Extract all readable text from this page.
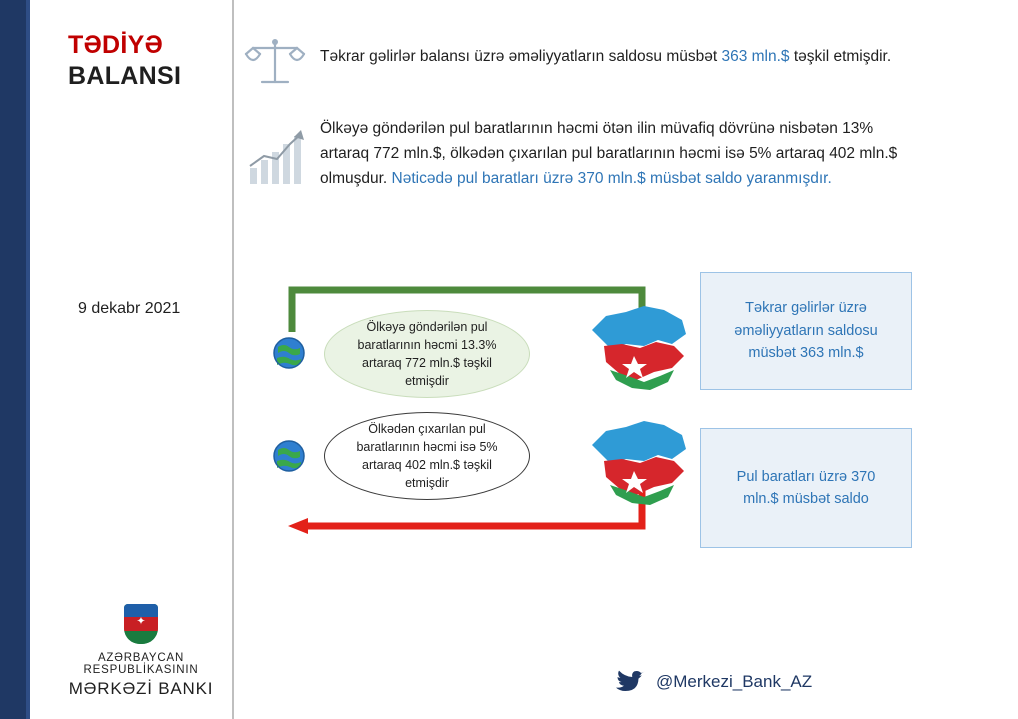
TƏDİYƏ
BALANSI
9 dekabr 2021
✦
AZƏRBAYCAN RESPUBLİKASININ
MƏRKƏZİ BANKI
Təkrar gəlirlər balansı üzrə əməliyyatların saldosu müsbət 363 mln.$ təşkil etmişdir.
Ölkəyə göndərilən pul baratlarının həcmi ötən ilin müvafiq dövrünə nisbətən 13% artaraq 772 mln.$, ölkədən çıxarılan pul baratlarının həcmi isə 5% artaraq 402 mln.$ olmuşdur. Nəticədə pul baratları üzrə 370 mln.$ müsbət saldo yaranmışdır.
Ölkəyə göndərilən pul baratlarının həcmi 13.3% artaraq 772 mln.$ təşkil etmişdir
Ölkədən çıxarılan pul baratlarının həcmi isə 5% artaraq 402 mln.$ təşkil etmişdir
Təkrar gəlirlər üzrə əməliyyatların saldosu müsbət 363 mln.$
Pul baratları üzrə 370 mln.$ müsbət saldo
@Merkezi_Bank_AZ
